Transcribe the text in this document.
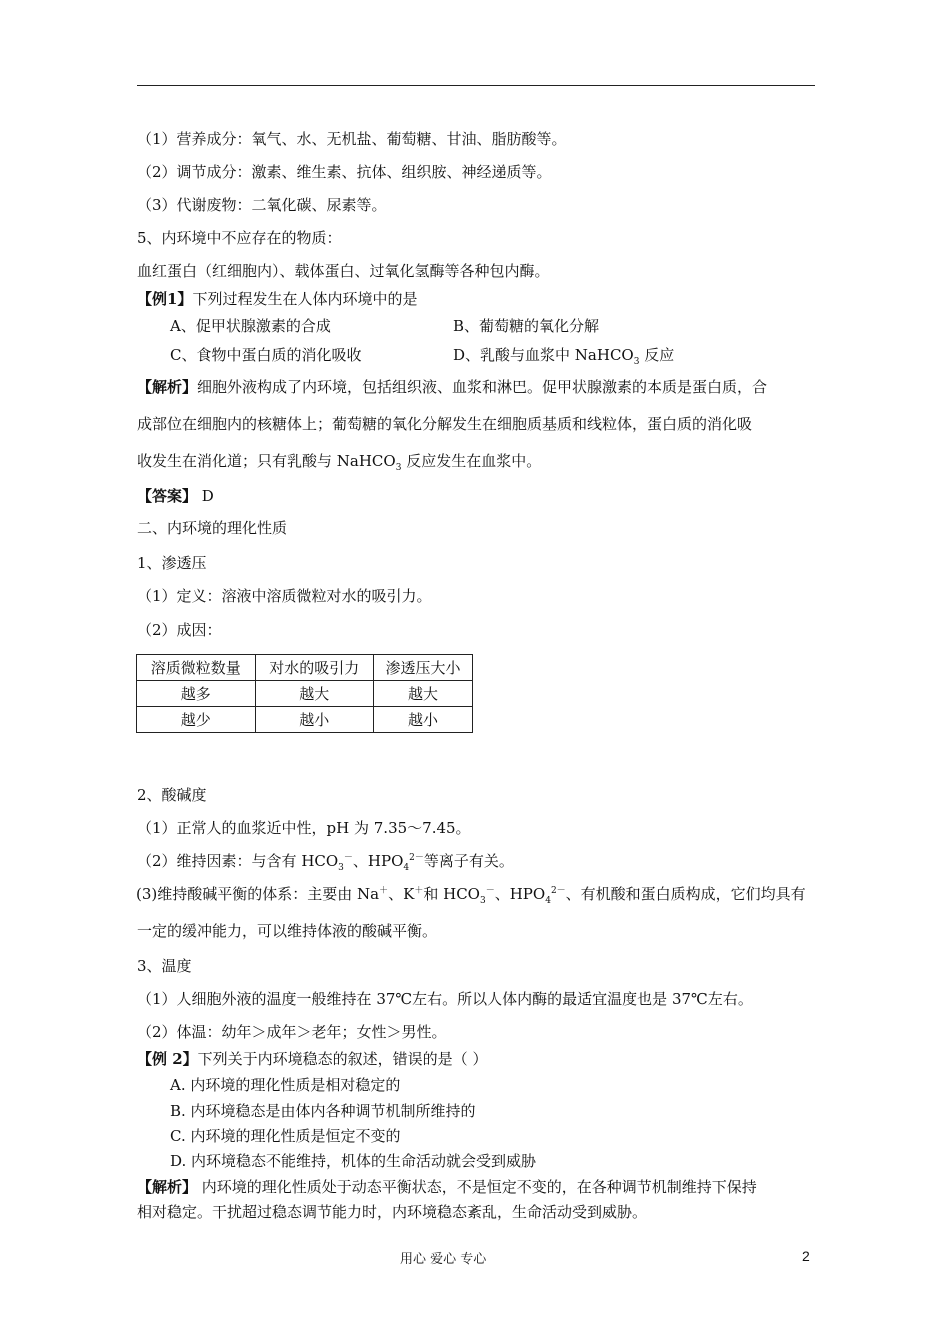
（1）营养成分：氧气、水、无机盐、葡萄糖、甘油、脂肪酸等。
（2）调节成分：激素、维生素、抗体、组织胺、神经递质等。
（3）代谢废物：二氧化碳、尿素等。
5、内环境中不应存在的物质：
血红蛋白（红细胞内）、载体蛋白、过氧化氢酶等各种包内酶。
【例1】下列过程发生在人体内环境中的是
A、促甲状腺激素的合成	B、葡萄糖的氧化分解
C、食物中蛋白质的消化吸收	D、乳酸与血浆中 NaHCO$_3$ 反应
【解析】细胞外液构成了内环境，包括组织液、血浆和淋巴。促甲状腺激素的本质是蛋白质，合
成部位在细胞内的核糖体上；葡萄糖的氧化分解发生在细胞质基质和线粒体，蛋白质的消化吸
收发生在消化道；只有乳酸与 NaHCO$_3$ 反应发生在血浆中。
【答案】 D
二、内环境的理化性质
1、渗透压
（1）定义：溶液中溶质微粒对水的吸引力。
（2）成因：
溶质微粒数量	对水的吸引力	渗透压大小
越多	越大	越大
越少	越小	越小
2、酸碱度
（1）正常人的血浆近中性，pH 为 7.35～7.45。
（2）维持因素：与含有 $HCO_3^-$、$HPO_4^{2-}$等离子有关。
(3)维持酸碱平衡的体系：主要由 Na＋、K＋和 $HCO_3^-$、$HPO_4^{2-}$、有机酸和蛋白质构成，它们均具有
一定的缓冲能力，可以维持体液的酸碱平衡。
3、温度
（1）人细胞外液的温度一般维持在 37℃左右。所以人体内酶的最适宜温度也是 37℃左右。
（2）体温：幼年＞成年＞老年；女性＞男性。
【例 2】下列关于内环境稳态的叙述，错误的是（ ）
A. 内环境的理化性质是相对稳定的
B. 内环境稳态是由体内各种调节机制所维持的
C. 内环境的理化性质是恒定不变的
D. 内环境稳态不能维持，机体的生命活动就会受到威胁
【解析】 内环境的理化性质处于动态平衡状态，不是恒定不变的，在各种调节机制维持下保持
相对稳定。干扰超过稳态调节能力时，内环境稳态紊乱，生命活动受到威胁。
用心 爱心 专心	2
